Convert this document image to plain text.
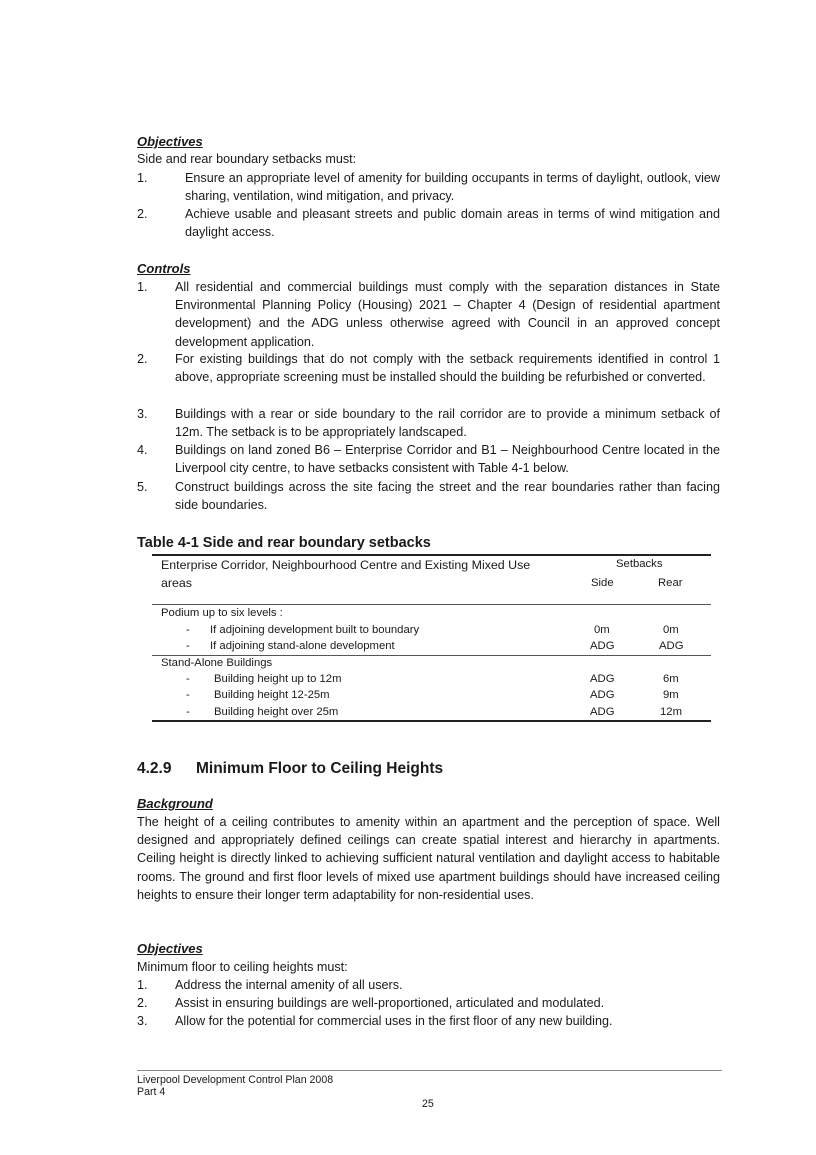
Objectives
Side and rear boundary setbacks must:
1.	Ensure an appropriate level of amenity for building occupants in terms of daylight, outlook, view sharing, ventilation, wind mitigation, and privacy.
2.	Achieve usable and pleasant streets and public domain areas in terms of wind mitigation and daylight access.
Controls
1. All residential and commercial buildings must comply with the separation distances in State Environmental Planning Policy (Housing) 2021 – Chapter 4 (Design of residential apartment development) and the ADG unless otherwise agreed with Council in an approved concept development application.
2. For existing buildings that do not comply with the setback requirements identified in control 1 above, appropriate screening must be installed should the building be refurbished or converted.
3. Buildings with a rear or side boundary to the rail corridor are to provide a minimum setback of 12m. The setback is to be appropriately landscaped.
4. Buildings on land zoned B6 – Enterprise Corridor and B1 – Neighbourhood Centre located in the Liverpool city centre, to have setbacks consistent with Table 4-1 below.
5. Construct buildings across the site facing the street and the rear boundaries rather than facing side boundaries.
Table 4-1 Side and rear boundary setbacks
Enterprise Corridor, Neighbourhood Centre and Existing Mixed Use
areas
Setbacks
Side	Rear
Podium up to six levels :
- If adjoining development built to boundary	0m	0m
- If adjoining stand-alone development	ADG	ADG
Stand-Alone Buildings
- Building height up to 12m	ADG	6m
- Building height 12-25m	ADG	9m
- Building height over 25m	ADG	12m
4.2.9 Minimum Floor to Ceiling Heights
Background
The height of a ceiling contributes to amenity within an apartment and the perception of space. Well designed and appropriately defined ceilings can create spatial interest and hierarchy in apartments. Ceiling height is directly linked to achieving sufficient natural ventilation and daylight access to habitable rooms. The ground and first floor levels of mixed use apartment buildings should have increased ceiling heights to ensure their longer term adaptability for non-residential uses.
Objectives
Minimum floor to ceiling heights must:
1. Address the internal amenity of all users.
2. Assist in ensuring buildings are well-proportioned, articulated and modulated.
3. Allow for the potential for commercial uses in the first floor of any new building.
Liverpool Development Control Plan 2008
Part 4
25
